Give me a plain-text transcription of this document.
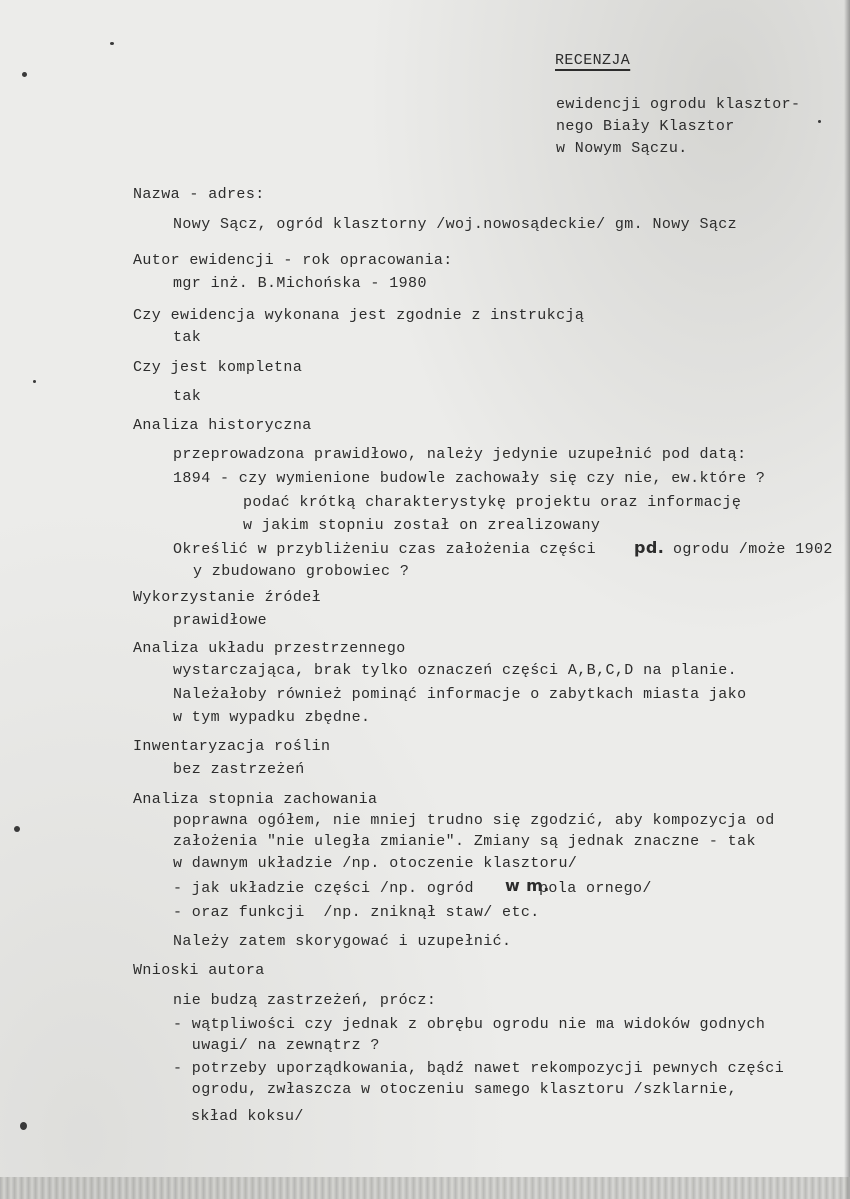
RECENZJA
ewidencji ogrodu klasztor-
nego Biały Klasztor
w Nowym Sączu.
Nazwa - adres:
Nowy Sącz, ogród klasztorny /woj.nowosądeckie/ gm. Nowy Sącz
Autor ewidencji - rok opracowania:
mgr inż. B.Michońska - 1980
Czy ewidencja wykonana jest zgodnie z instrukcją
tak
Czy jest kompletna
tak
Analiza historyczna
przeprowadzona prawidłowo, należy jedynie uzupełnić pod datą:
1894 - czy wymienione budowle zachowały się czy nie, ew.które ?
podać krótką charakterystykę projektu oraz informację
w jakim stopniu został on zrealizowany
Określić w przybliżeniu czas założenia części pd. ogrodu /może 1902
y zbudowano grobowiec ?
Wykorzystanie źródeł
prawidłowe
Analiza układu przestrzennego
wystarczająca, brak tylko oznaczeń części A,B,C,D na planie.
Należałoby również pominąć informacje o zabytkach miasta jako
w tym wypadku zbędne.
Inwentaryzacja roślin
bez zastrzeżeń
Analiza stopnia zachowania
poprawna ogółem, nie mniej trudno się zgodzić, aby kompozycja od
założenia "nie uległa zmianie". Zmiany są jednak znaczne - tak
w dawnym układzie /np. otoczenie klasztoru/
- jak układzie części /np. ogród w m.
pola ornego/
- oraz funkcji  /np. zniknął staw/ etc.
Należy zatem skorygować i uzupełnić.
Wnioski autora
nie budzą zastrzeżeń, prócz:
- wątpliwości czy jednak z obrębu ogrodu nie ma widoków godnych
uwagi/ na zewnątrz ?
- potrzeby uporządkowania, bądź nawet rekompozycji pewnych części
ogrodu, zwłaszcza w otoczeniu samego klasztoru /szklarnie,
skład koksu/
